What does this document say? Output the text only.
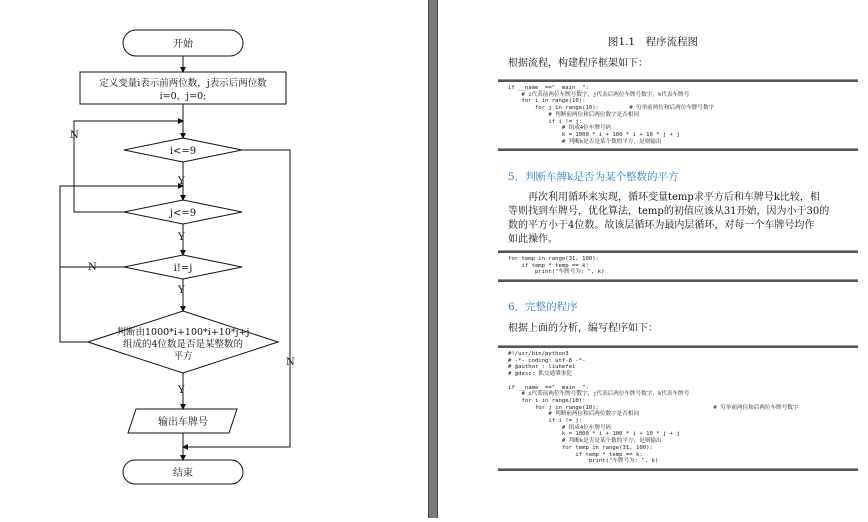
开始
定义变量i表示前两位数，j表示后两位数
i=0，j=0;
i<=9
j<=9
i!=j
判断由1000*i+100*i+10*j+j
组成的4位数是否是某整数的
平方
输出车牌号
结束
Y
Y
Y
Y
N
N
N
图1.1　程序流程图
根据流程，构建程序框架如下：
if __name__=="__main__":
# i代表前两位车牌号数字，j代表后两位车牌号数字，k代表车牌号
for i in range(10):
for j in range(10):         # 穷举前两位和后两位车牌号数字
# 判断前两位和后两位数字是否相同
if i != j:
# 组成4位车牌号码
k = 1000 * i + 100 * i + 10 * j + j
# 判断k是否是某个数的平方，是则输出
5．判断车牌k是否为某个整数的平方
再次利用循环来实现，循环变量temp求平方后和车牌号k比较，相
等则找到车牌号，优化算法，temp的初值应该从31开始，因为小于30的
数的平方小于4位数。故该层循环为最内层循环，对每一个车牌号均作
如此操作。
for temp in range(31, 100):
if temp * temp == k:
print("车牌号为: ", k)
6．完整的程序
根据上面的分析，编写程序如下：
#!/usr/bin/python3
# -*- coding: utf-8 -*-
# @author : liuhefei
# @desc: 抓交通肇事犯

if __name__=="__main__":
# i代表前两位车牌号数字，j代表后两位车牌号数字，k代表车牌号
for i in range(10):
for j in range(10):                                  # 穷举前两位和后两位车牌号数字
# 判断前两位和后两位数字是否相同
if i != j:
# 组成4位车牌号码
k = 1000 * i + 100 * i + 10 * j + j
# 判断k是否是某个数的平方，是则输出
for temp in range(31, 100):
if temp * temp == k:
print("车牌号为: ", k)
